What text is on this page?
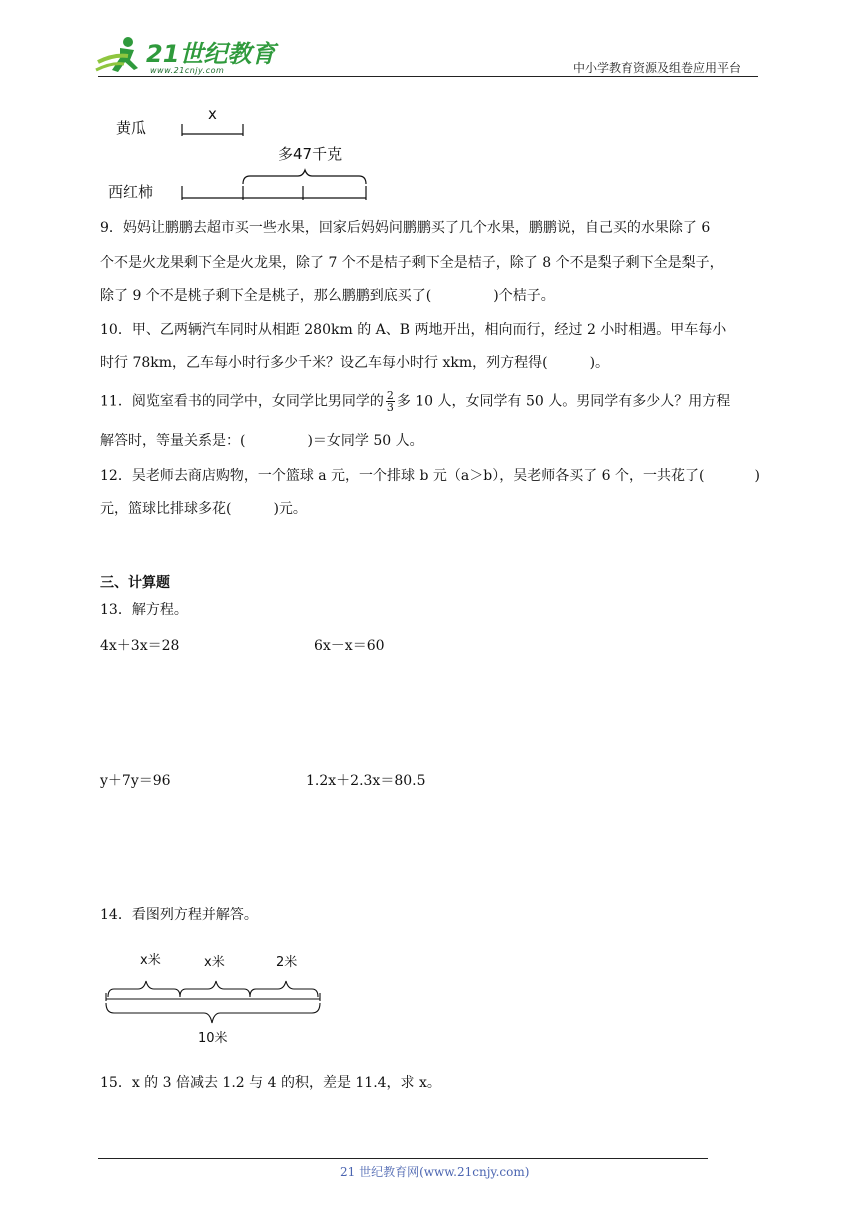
21世纪教育
www.21cnjy.com	中小学教育资源及组卷应用平台
黄瓜
西红柿
x
多47千克
9．妈妈让鹏鹏去超市买一些水果，回家后妈妈问鹏鹏买了几个水果，鹏鹏说，自己买的水果除了 6
个不是火龙果剩下全是火龙果，除了 7 个不是桔子剩下全是桔子，除了 8 个不是梨子剩下全是梨子，
除了 9 个不是桃子剩下全是桃子，那么鹏鹏到底买了(	)个桔子。
10．甲、乙两辆汽车同时从相距 280km 的 A、B 两地开出，相向而行，经过 2 小时相遇。甲车每小
时行 78km，乙车每小时行多少千米？设乙车每小时行 xkm，列方程得(	)。
11．阅览室看书的同学中，女同学比男同学的 $\frac{2}{3}$ 多 10 人，女同学有 50 人。男同学有多少人？用方程
解答时，等量关系是：(	)＝女同学 50 人。
12．吴老师去商店购物，一个篮球 a 元，一个排球 b 元（a＞b），吴老师各买了 6 个，一共花了(	)
元，篮球比排球多花(	)元。
三、计算题
13．解方程。
4x＋3x＝28	6x－x＝60
y＋7y＝96	1.2x＋2.3x＝80.5
14．看图列方程并解答。
x米	x米	2米
10米
15．x 的 3 倍减去 1.2 与 4 的积，差是 11.4，求 x。
21 世纪教育网(www.21cnjy.com)
